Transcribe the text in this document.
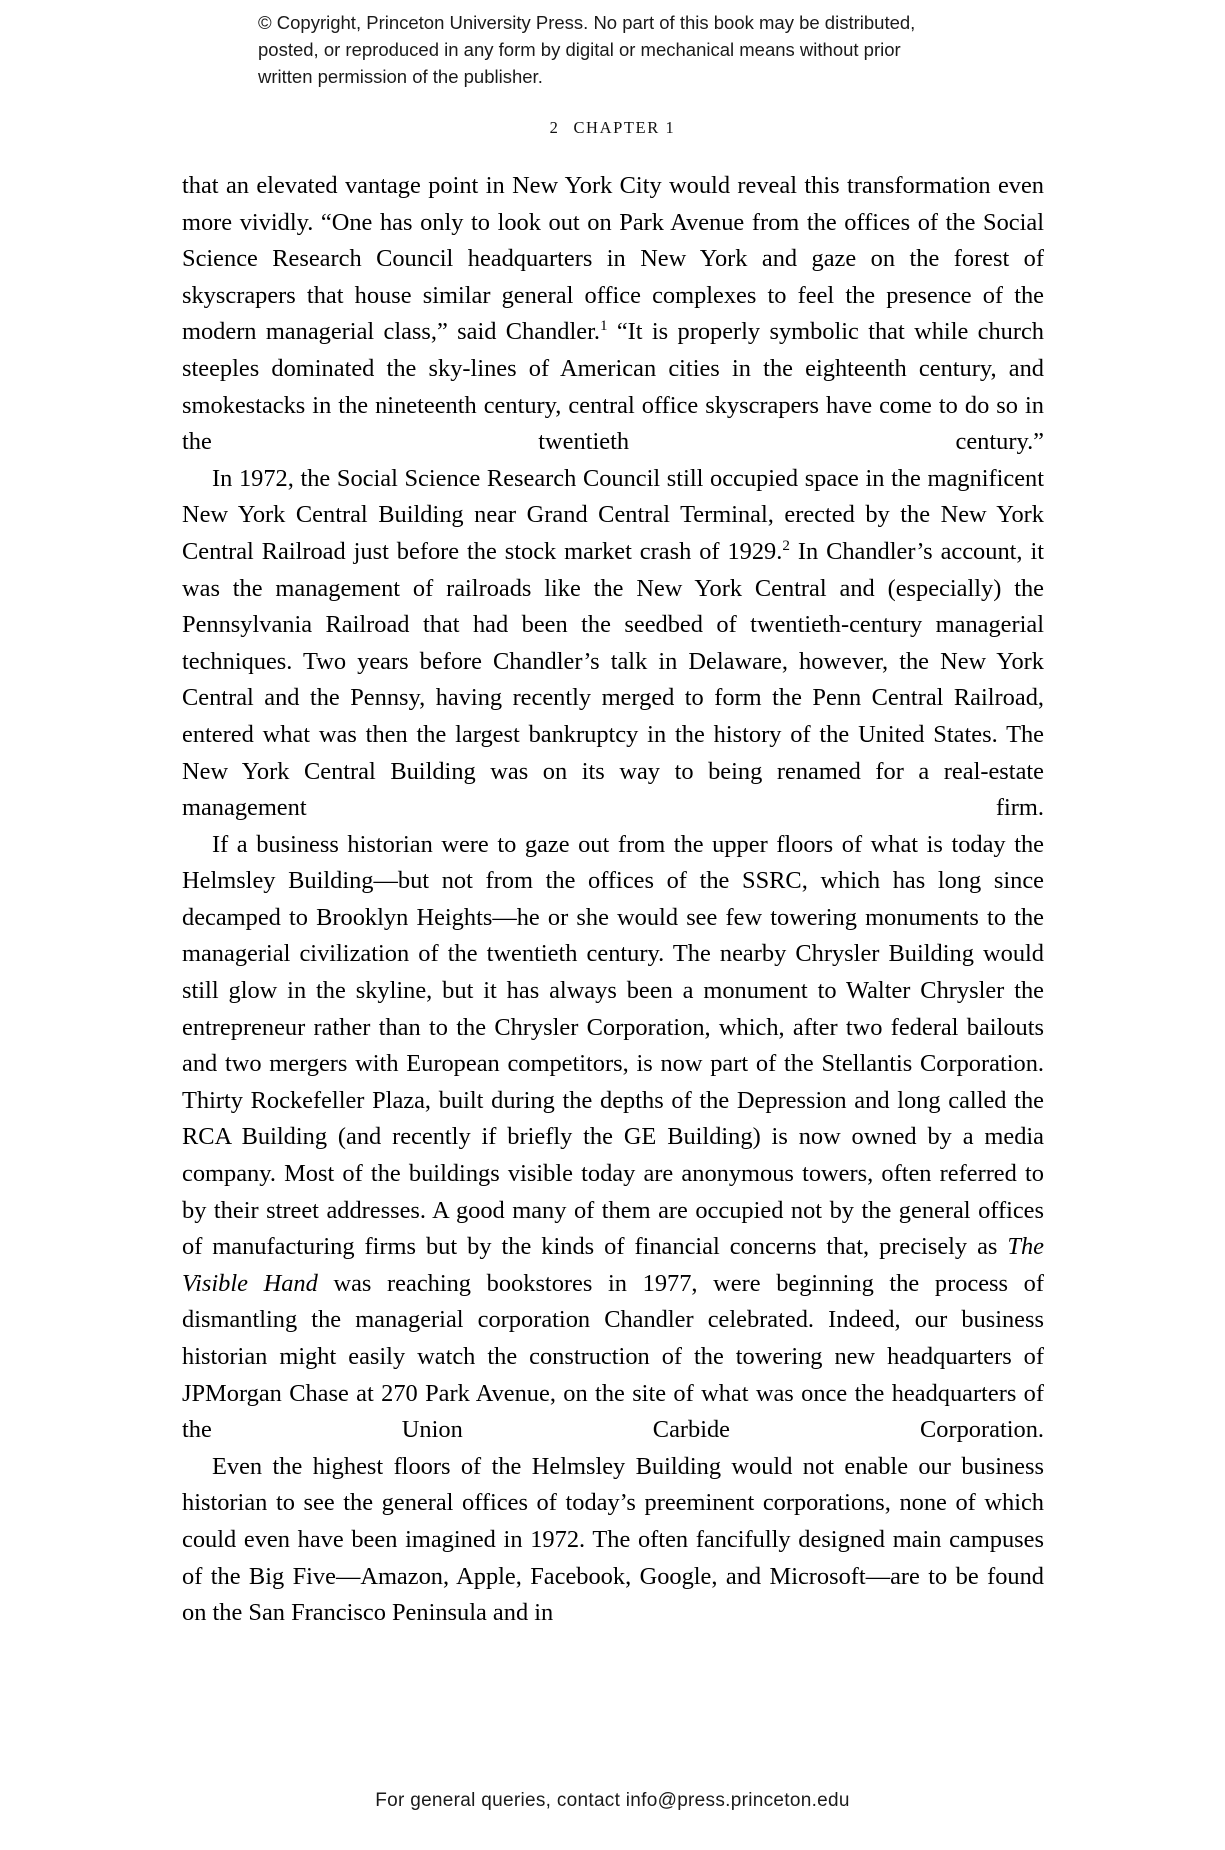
© Copyright, Princeton University Press. No part of this book may be distributed, posted, or reproduced in any form by digital or mechanical means without prior written permission of the publisher.
2 CHAPTER 1

that an elevated vantage point in New York City would reveal this transformation even more vividly. “One has only to look out on Park Avenue from the offices of the Social Science Research Council headquarters in New York and gaze on the forest of skyscrapers that house similar general office complexes to feel the presence of the modern managerial class,” said Chandler.$^1$ “It is properly symbolic that while church steeples dominated the sky-lines of American cities in the eighteenth century, and smokestacks in the nineteenth century, central office skyscrapers have come to do so in the twentieth century.”

In 1972, the Social Science Research Council still occupied space in the magnificent New York Central Building near Grand Central Terminal, erected by the New York Central Railroad just before the stock market crash of 1929.$^2$ In Chandler’s account, it was the management of railroads like the New York Central and (especially) the Pennsylvania Railroad that had been the seedbed of twentieth-century managerial techniques. Two years before Chandler’s talk in Delaware, however, the New York Central and the Pennsy, having recently merged to form the Penn Central Railroad, entered what was then the largest bankruptcy in the history of the United States. The New York Central Building was on its way to being renamed for a real-estate management firm.

If a business historian were to gaze out from the upper floors of what is today the Helmsley Building—but not from the offices of the SSRC, which has long since decamped to Brooklyn Heights—he or she would see few towering monuments to the managerial civilization of the twentieth century. The nearby Chrysler Building would still glow in the skyline, but it has always been a monument to Walter Chrysler the entrepreneur rather than to the Chrysler Corporation, which, after two federal bailouts and two mergers with European competitors, is now part of the Stellantis Corporation. Thirty Rockefeller Plaza, built during the depths of the Depression and long called the RCA Building (and recently if briefly the GE Building) is now owned by a media company. Most of the buildings visible today are anonymous towers, often referred to by their street addresses. A good many of them are occupied not by the general offices of manufacturing firms but by the kinds of financial concerns that, precisely as The Visible Hand was reaching bookstores in 1977, were beginning the process of dismantling the managerial corporation Chandler celebrated. Indeed, our business historian might easily watch the construction of the towering new headquarters of JPMorgan Chase at 270 Park Avenue, on the site of what was once the headquarters of the Union Carbide Corporation.

Even the highest floors of the Helmsley Building would not enable our business historian to see the general offices of today’s preeminent corporations, none of which could even have been imagined in 1972. The often fancifully designed main campuses of the Big Five—Amazon, Apple, Facebook, Google, and Microsoft—are to be found on the San Francisco Peninsula and in

For general queries, contact info@press.princeton.edu
